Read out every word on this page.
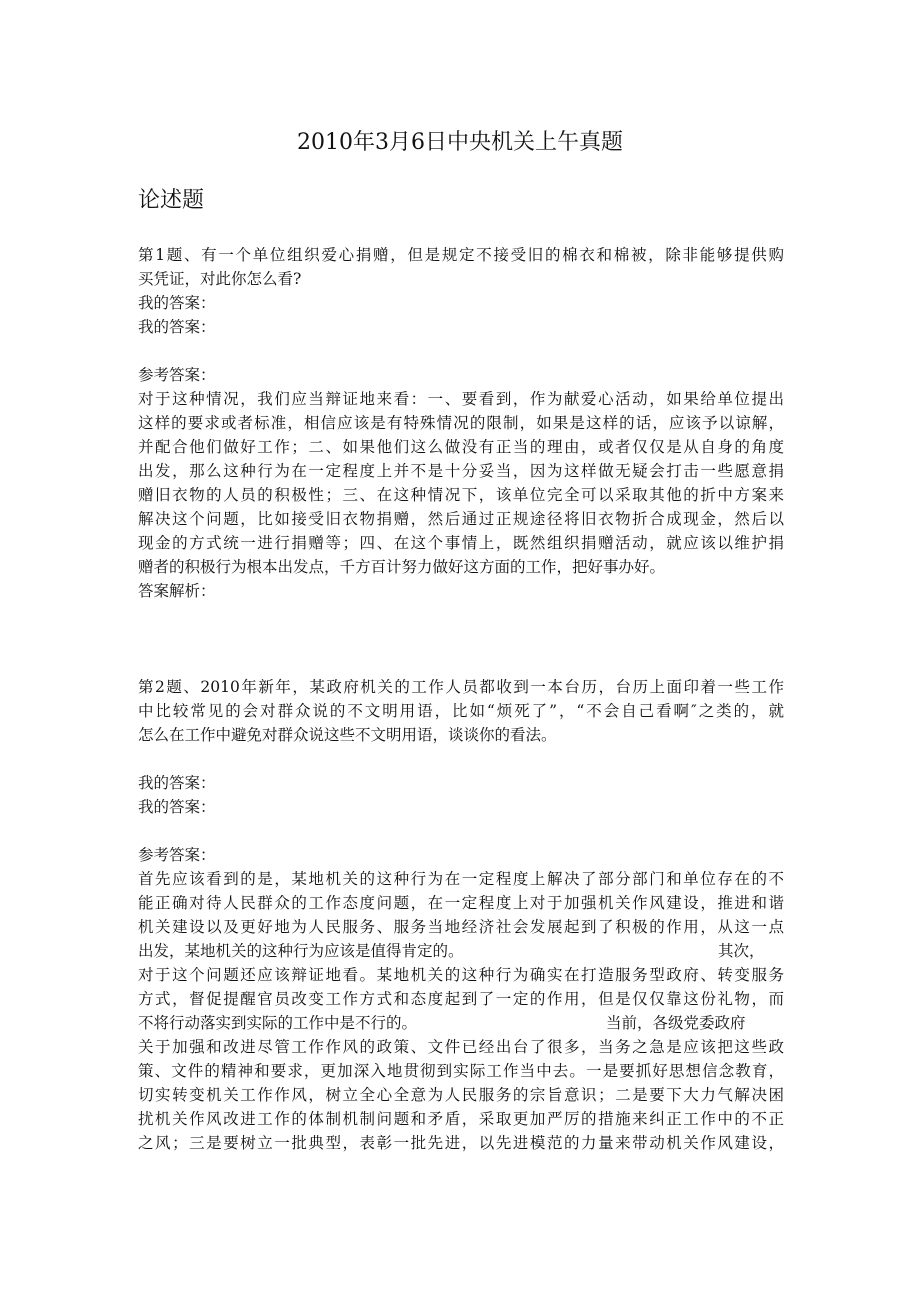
2010年3月6日中央机关上午真题
论述题
第1题、有一个单位组织爱心捐赠，但是规定不接受旧的棉衣和棉被，除非能够提供购
买凭证，对此你怎么看?
我的答案：
我的答案：
参考答案：
对于这种情况，我们应当辩证地来看：一、要看到，作为献爱心活动，如果给单位提出
这样的要求或者标准，相信应该是有特殊情况的限制，如果是这样的话，应该予以谅解，
并配合他们做好工作；二、如果他们这么做没有正当的理由，或者仅仅是从自身的角度
出发，那么这种行为在一定程度上并不是十分妥当，因为这样做无疑会打击一些愿意捐
赠旧衣物的人员的积极性；三、在这种情况下，该单位完全可以采取其他的折中方案来
解决这个问题，比如接受旧衣物捐赠，然后通过正规途径将旧衣物折合成现金，然后以
现金的方式统一进行捐赠等；四、在这个事情上，既然组织捐赠活动，就应该以维护捐
赠者的积极行为根本出发点，千方百计努力做好这方面的工作，把好事办好。
答案解析：
第2题、2010年新年，某政府机关的工作人员都收到一本台历，台历上面印着一些工作
中比较常见的会对群众说的不文明用语，比如“烦死了”，“不会自己看啊″之类的，就
怎么在工作中避免对群众说这些不文明用语，谈谈你的看法。
我的答案：
我的答案：
参考答案：
首先应该看到的是，某地机关的这种行为在一定程度上解决了部分部门和单位存在的不
能正确对待人民群众的工作态度问题，在一定程度上对于加强机关作风建设，推进和谐
机关建设以及更好地为人民服务、服务当地经济社会发展起到了积极的作用，从这一点
出发，某地机关的这种行为应该是值得肯定的。	其次，
对于这个问题还应该辩证地看。某地机关的这种行为确实在打造服务型政府、转变服务
方式，督促提醒官员改变工作方式和态度起到了一定的作用，但是仅仅靠这份礼物，而
不将行动落实到实际的工作中是不行的。	当前，各级党委政府
关于加强和改进尽管工作作风的政策、文件已经出台了很多，当务之急是应该把这些政
策、文件的精神和要求，更加深入地贯彻到实际工作当中去。一是要抓好思想信念教育，
切实转变机关工作作风，树立全心全意为人民服务的宗旨意识；二是要下大力气解决困
扰机关作风改进工作的体制机制问题和矛盾，采取更加严厉的措施来纠正工作中的不正
之风；三是要树立一批典型，表彰一批先进，以先进模范的力量来带动机关作风建设，
